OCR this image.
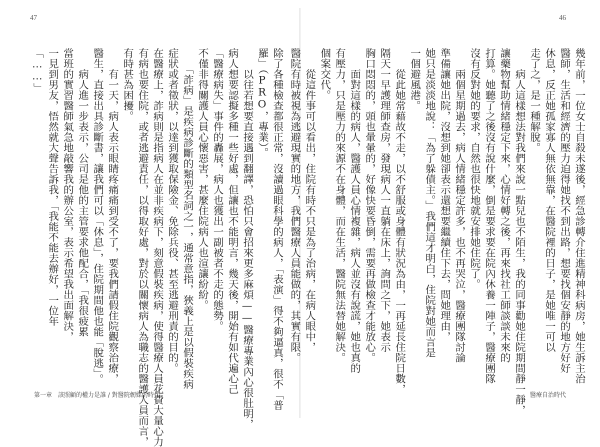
47
除了各種檢查都很正常，沒讀過眼科學的病人，「表演」得不夠逼真，很不「普
羅」（PRO，專業）。
　　以往若想要直接遇到翻譯，恐怕只會招來更多麻煩——醫療專業內心很肚明，
病人想要認擬多種一些好處，但讓也不能明言，幾天後，開始有如代遍心己
「醫療病失」事件的轟展，病人也獲出一副被者不走的態勢。
不僅非得關護人員心懷惡害，甚麼住院病人也渲讓紛紛。
　　「詐病」是疾病診斷的類型名詞之一，通常意指，狹義上是以假裝疾病
症狀或者徵狀，以達到獲取保險金、免除兵役、甚至逃避刑責的目的。
在醫療上，詐病則是指病人在並非疾病下，刻意假裝疾病，使得醫療人員花費大量心力
有病也要住院，或者逃避責任，以得取好處，對於以關懷病人為職志的醫護人員而言，
有時甚為困擾。
　　有一天，病人表示眼睛疼痛痛到受不了，要我們請假住院觀察治療，
醫生，直接出具診斷書，讓我們可以「休息」，住院期間他也能「脫逃」。
　　病人進一步表示，公司是他的主管要求他配合，「我很疲累
當班的實習醫師氣急地敲響我的辦公室，表示希望我出面解決，
一見到男友，悟然就大聲告訴我，「我能不能去辦好，一位年
「……」
第一章　該照顧的權力是誰 / 對醫院韌媒的時代
46
幾年前，一位女士自殺未遂後，經急診轉介住進精神科病房，她生訴主治
醫師，生活和經濟的壓力迫得她找不到出路，想要找個安靜的地方好好
休息，反正她孤家寡人無依無靠，在醫院裡的日子，是她唯一可以
走了之，是一種解脫。
　　病人這樣想法對我們來說一點兒也不陌生，我的同事勸她住院期間靜一靜，
讓藥物幫助情緒穩定下來，心情好轉之後，再來找社工師談談未來的
打算。她聽了之後沒有說什麼，倒是要求要在院內休養一陣子，醫療團隊
沒有反對她的要求，自然也很快地就安排她住院了。
　　兩個星期過去，病人情緒穩定許多，也不再哭泣，醫療團隊討論
準備讓她出院，沒想到她卻表示還想要繼續住下去，問她理由，
她只是淡淡地說：「為了躲債主。」我們這才明白，住院對她而言是
一個避風港。
　　從此她常藉故不走，以不舒服或身體有狀況為由，一再延長住院日數，
隔天一早護理師查房，發現病人一直躺在床上，詢問之下，她表示
胸口悶悶的，頭也暈暈的，好像快要昏倒，需要再做檢查才能放心。
　　面對這樣的病人，醫護人員心情複雜，病人並沒有說謊，她也真的
有壓力，只是壓力的來源不在身體，而在生活，醫院無法替她解決。
個案交代。
　　從這件事可以看出，住院有時不只是為了治病，在病人眼中，
醫院有時被視為逃避現實的地方，我們醫療人員能做的，其實有限。
醫療自治時代
